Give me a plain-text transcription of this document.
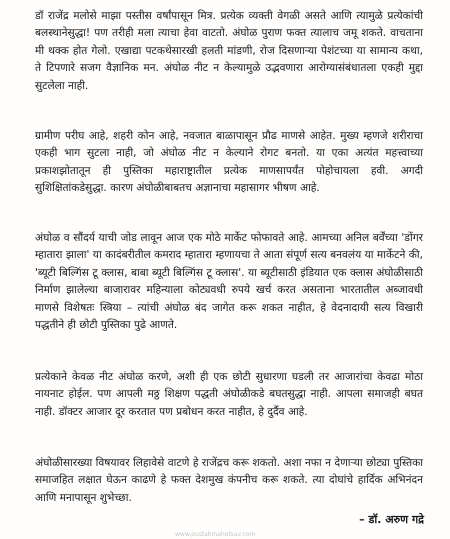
डॉ राजेंद्र मलोसे माझा पस्तीस वर्षांपासून मित्र. प्रत्येक व्यक्ती वेगळी असते आणि त्यामुळे प्रत्येकांची बलस्थानेसुद्धा! पण तरीही मला त्याचा हेवा वाटतो. अंघोळ पुराण फक्त त्यालाच जमू शकते. वाचताना मी थक्क होत गेलो. एखाद्या पटकथेसारखी हलती मांडणी, रोज दिसणाऱ्या पेशंटच्या या सामान्य कथा, ते टिपणारे सजग वैज्ञानिक मन. अंघोळ नीट न केल्यामुळे उद्भवणारा आरोग्यासंबंधातला एकही मुद्दा सुटलेला नाही.

ग्रामीण परीघ आहे, शहरी कोन आहे, नवजात बाळापासून प्रौढ माणसे आहेत. मुख्य म्हणजे शरीराचा एकही भाग सुटला नाही, जो अंघोळ नीट न केल्याने रोगट बनतो. या एका अत्यंत महत्त्वाच्या प्रकाशझोतातून ही पुस्तिका महाराष्ट्रातील प्रत्येक माणसापर्यंत पोहोचायला हवी. अगदी सुशिक्षितांकडेसुद्धा. कारण अंघोळीबाबतच अज्ञानाचा महासागर भीषण आहे.

अंघोळ व सौंदर्य याची जोड लावून आज एक मोठे मार्केट फोफावते आहे. आमच्या अनिल बर्वेंच्या 'डोंगर म्हातारा झाला' या कादंबरीतील कमराद म्हातारा म्हणायचा ते आता संपूर्ण सत्य बनवलंय या मार्केटने की, 'ब्यूटी बिल्गिंस टू क्लास, बाबा ब्यूटी बिल्गिंस टू क्लास'. या ब्यूटीसाठी इंडियात एक क्लास अंघोळीसाठी निर्माण झालेल्या बाजारावर महिन्याला कोट्यवधी रुपये खर्च करत असताना भारतातील अब्जावधी माणसे विशेषतः स्त्रिया – त्यांची अंघोळ बंद जागेत करू शकत नाहीत, हे वेदनादायी सत्य विखारी पद्धतीने ही छोटी पुस्तिका पुढे आणते.

प्रत्येकाने केवळ नीट अंघोळ करणे, अशी ही एक छोटी सुधारणा घडली तर आजारांचा केवढा मोठा नायनाट होईल. पण आपली मठ्ठ शिक्षण पद्धती अंघोळीकडे बघतसुद्धा नाही. आपला समाजही बघत नाही. डॉक्टर आजार दूर करतात पण प्रबोधन करत नाहीत, हे दुर्दैव आहे.

अंघोळीसारख्या विषयावर लिहावेसे वाटणे हे राजेंद्रच करू शकतो. अशा नफा न देणाऱ्या छोट्या पुस्तिका समाजहित लक्षात घेऊन काढणे हे फक्त देशमुख कंपनीच करू शकते. त्या दोघांचे हार्दिक अभिनंदन आणि मनापासून शुभेच्छा.

– डॉ. अरुण गद्रे

www.pustakmahotsav.com
